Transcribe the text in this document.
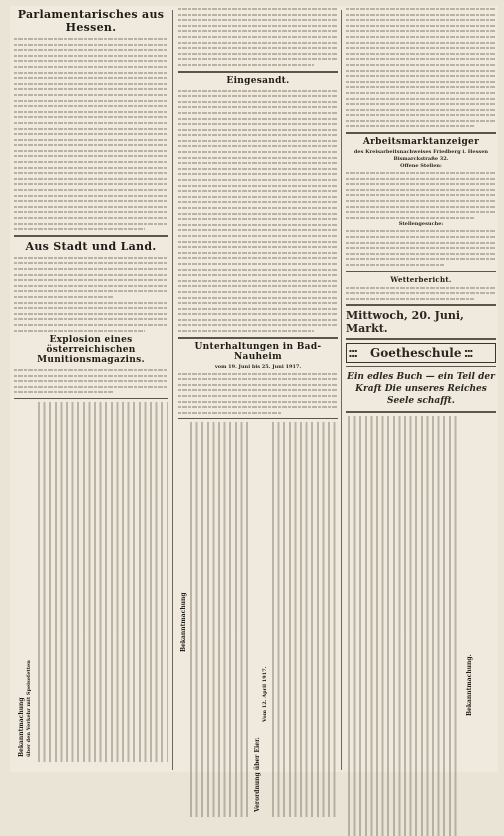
Parlamentarisches aus Hessen.
Aus Stadt und Land.
Explosion eines österreichischen Munitionsmagazins.
Bekanntmachung über den Verkehr mit Speisefetten
Eingesandt.
Unterhaltungen in Bad-Nauheim
vom 19. Juni bis 25. Juni 1917.
Bekanntmachung
Verordnung über Eier.
Vom 12. April 1917.
Arbeitsmarktanzeiger
des Kreisarbeitsnachweises Friedberg i. Hessen
Bismarckstraße 32.
Offene Stellen:
Stellengesuche:
Wetterbericht.
Mittwoch, 20. Juni, Markt.
▪▪▪
▪▪▪	Goetheschule ▪▪▪
▪▪▪
Ein edles Buch — ein Teil der Kraft Die unseres Reiches Seele schafft.
Bekanntmachung.
